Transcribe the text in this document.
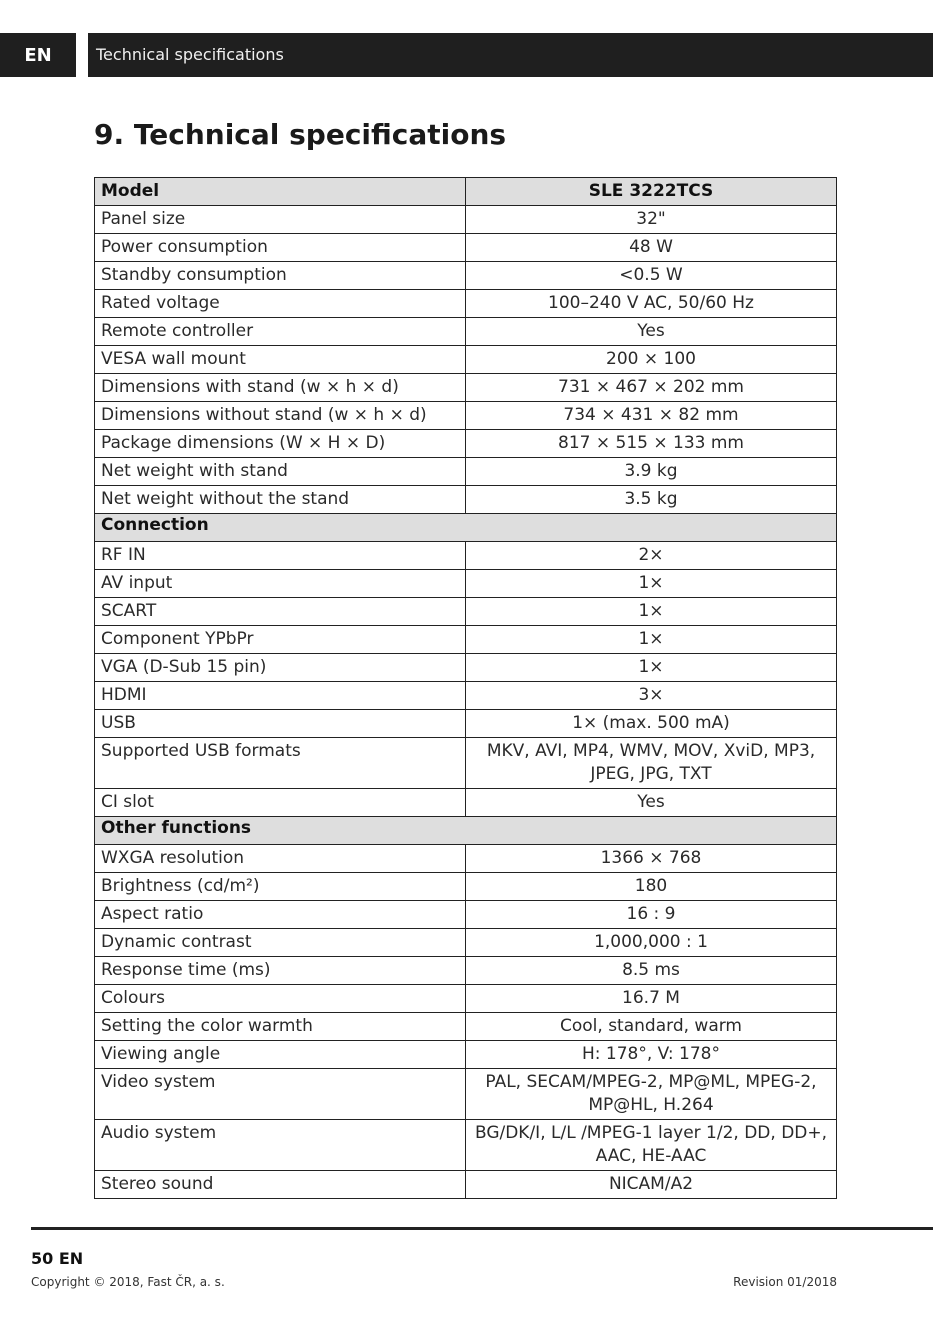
EN	Technical specifications
9. Technical specifications
Model	SLE 3222TCS
Panel size	32"
Power consumption	48 W
Standby consumption	<0.5 W
Rated voltage	100–240 V AC, 50/60 Hz
Remote controller	Yes
VESA wall mount	200 × 100
Dimensions with stand (w × h × d)	731 × 467 × 202 mm
Dimensions without stand (w × h × d)	734 × 431 × 82 mm
Package dimensions (W × H × D)	817 × 515 × 133 mm
Net weight with stand	3.9 kg
Net weight without the stand	3.5 kg
Connection	
RF IN	2×
AV input	1×
SCART	1×
Component YPbPr	1×
VGA (D-Sub 15 pin)	1×
HDMI	3×
USB	1× (max. 500 mA)
Supported USB formats	MKV, AVI, MP4, WMV, MOV, XviD, MP3, JPEG, JPG, TXT
CI slot	Yes
Other functions	
WXGA resolution	1366 × 768
Brightness (cd/m²)	180
Aspect ratio	16 : 9
Dynamic contrast	1,000,000 : 1
Response time (ms)	8.5 ms
Colours	16.7 M
Setting the color warmth	Cool, standard, warm
Viewing angle	H: 178°, V: 178°
Video system	PAL, SECAM/MPEG-2, MP@ML, MPEG-2, MP@HL, H.264
Audio system	BG/DK/I, L/L /MPEG-1 layer 1/2, DD, DD+, AAC, HE-AAC
Stereo sound	NICAM/A2
50 EN
Copyright © 2018, Fast ČR, a. s.	Revision 01/2018
